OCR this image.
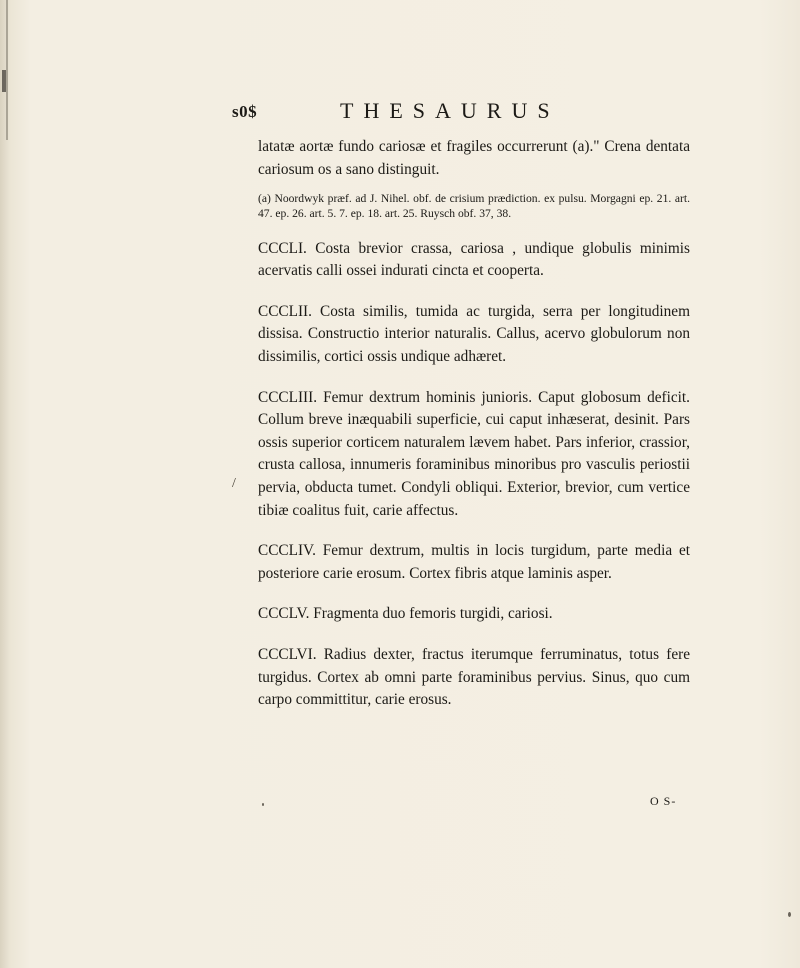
s0$	THESAURUS
/

latatæ aortæ fundo cariosæ et fragiles occurrerunt (a)." Crena dentata cariosum os a sano distinguit.

(a) Noordwyk præf. ad J. Nihel. obf. de crisium prædiction. ex pulsu. Morgagni ep. 21. art. 47. ep. 26. art. 5. 7. ep. 18. art. 25. Ruysch obf. 37, 38.

CCCLI. Costa brevior crassa, cariosa , undique globulis minimis acervatis calli ossei indurati cincta et cooperta.

CCCLII. Costa similis, tumida ac turgida, serra per longitudinem dissisa. Constructio interior naturalis. Callus, acervo globulorum non dissimilis, cortici ossis undique adhæret.

CCCLIII. Femur dextrum hominis junioris. Caput globosum deficit. Collum breve inæquabili superficie, cui caput inhæserat, desinit. Pars ossis superior corticem naturalem lævem habet. Pars inferior, crassior, crusta callosa, innumeris foraminibus minoribus pro vasculis periostii pervia, obducta tumet. Condyli obliqui. Exterior, brevior, cum vertice tibiæ coalitus fuit, carie affectus.

CCCLIV. Femur dextrum, multis in locis turgidum, parte media et posteriore carie erosum. Cortex fibris atque laminis asper.

CCCLV. Fragmenta duo femoris turgidi, cariosi.

CCCLVI. Radius dexter, fractus iterumque ferruminatus, totus fere turgidus. Cortex ab omni parte foraminibus pervius. Sinus, quo cum carpo committitur, carie erosus.

O S-
